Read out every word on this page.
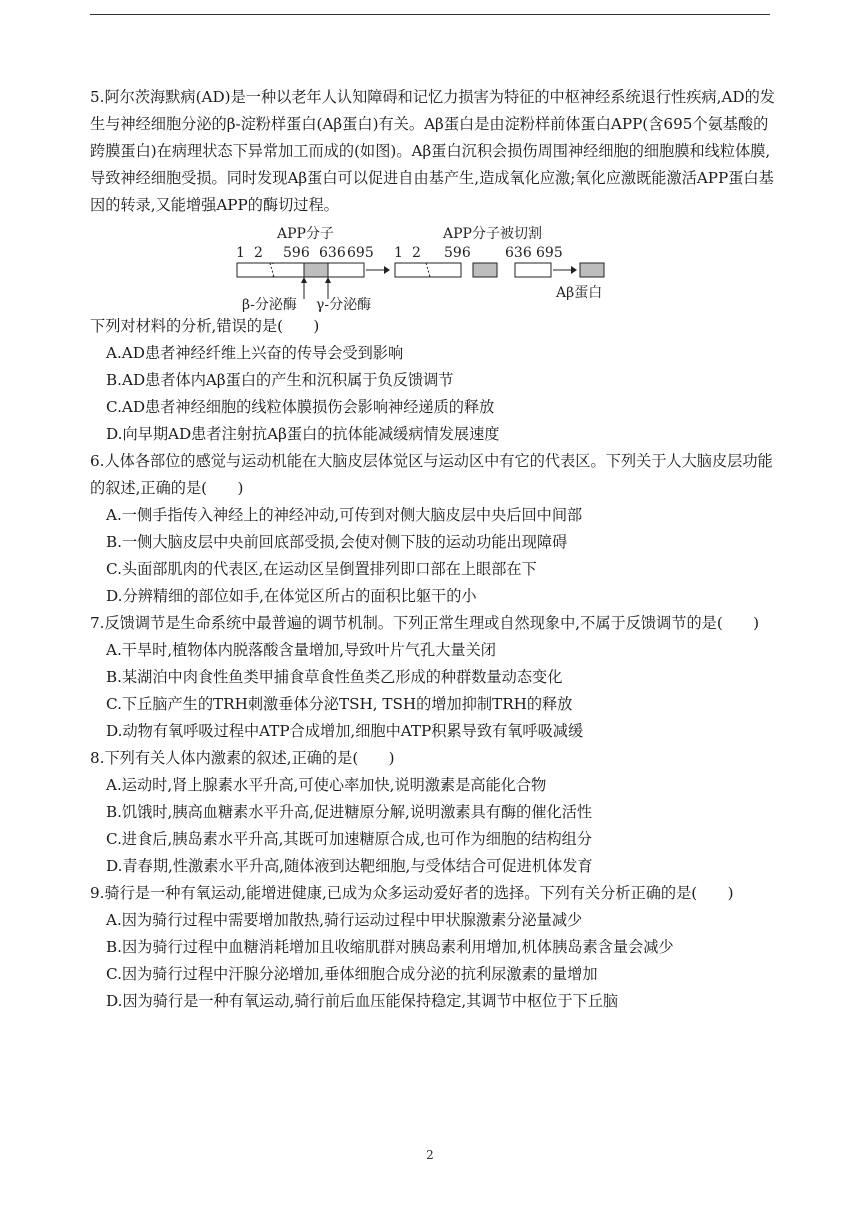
5.阿尔茨海默病(AD)是一种以老年人认知障碍和记忆力损害为特征的中枢神经系统退行性疾病,AD的发生与神经细胞分泌的β-淀粉样蛋白(Aβ蛋白)有关。Aβ蛋白是由淀粉样前体蛋白APP(含695个氨基酸的跨膜蛋白)在病理状态下异常加工而成的(如图)。Aβ蛋白沉积会损伤周围神经细胞的细胞膜和线粒体膜,导致神经细胞受损。同时发现Aβ蛋白可以促进自由基产生,造成氧化应激;氧化应激既能激活APP蛋白基因的转录,又能增强APP的酶切过程。

APP分子	APP分子被切割
1 2 596 636 695 1 2 596 636 695
β-分泌酶 γ-分泌酶
Aβ蛋白

下列对材料的分析,错误的是(　　)

A.AD患者神经纤维上兴奋的传导会受到影响

B.AD患者体内Aβ蛋白的产生和沉积属于负反馈调节

C.AD患者神经细胞的线粒体膜损伤会影响神经递质的释放

D.向早期AD患者注射抗Aβ蛋白的抗体能减缓病情发展速度

6.人体各部位的感觉与运动机能在大脑皮层体觉区与运动区中有它的代表区。下列关于人大脑皮层功能的叙述,正确的是(　　)

A.一侧手指传入神经上的神经冲动,可传到对侧大脑皮层中央后回中间部

B.一侧大脑皮层中央前回底部受损,会使对侧下肢的运动功能出现障碍

C.头面部肌肉的代表区,在运动区呈倒置排列即口部在上眼部在下

D.分辨精细的部位如手,在体觉区所占的面积比躯干的小

7.反馈调节是生命系统中最普遍的调节机制。下列正常生理或自然现象中,不属于反馈调节的是(　　)

A.干旱时,植物体内脱落酸含量增加,导致叶片气孔大量关闭

B.某湖泊中肉食性鱼类甲捕食草食性鱼类乙形成的种群数量动态变化

C.下丘脑产生的TRH刺激垂体分泌TSH, TSH的增加抑制TRH的释放

D.动物有氧呼吸过程中ATP合成增加,细胞中ATP积累导致有氧呼吸减缓

8.下列有关人体内激素的叙述,正确的是(　　)

A.运动时,肾上腺素水平升高,可使心率加快,说明激素是高能化合物

B.饥饿时,胰高血糖素水平升高,促进糖原分解,说明激素具有酶的催化活性

C.进食后,胰岛素水平升高,其既可加速糖原合成,也可作为细胞的结构组分

D.青春期,性激素水平升高,随体液到达靶细胞,与受体结合可促进机体发育

9.骑行是一种有氧运动,能增进健康,已成为众多运动爱好者的选择。下列有关分析正确的是(　　)

A.因为骑行过程中需要增加散热,骑行运动过程中甲状腺激素分泌量减少

B.因为骑行过程中血糖消耗增加且收缩肌群对胰岛素利用增加,机体胰岛素含量会减少

C.因为骑行过程中汗腺分泌增加,垂体细胞合成分泌的抗利尿激素的量增加

D.因为骑行是一种有氧运动,骑行前后血压能保持稳定,其调节中枢位于下丘脑

2
